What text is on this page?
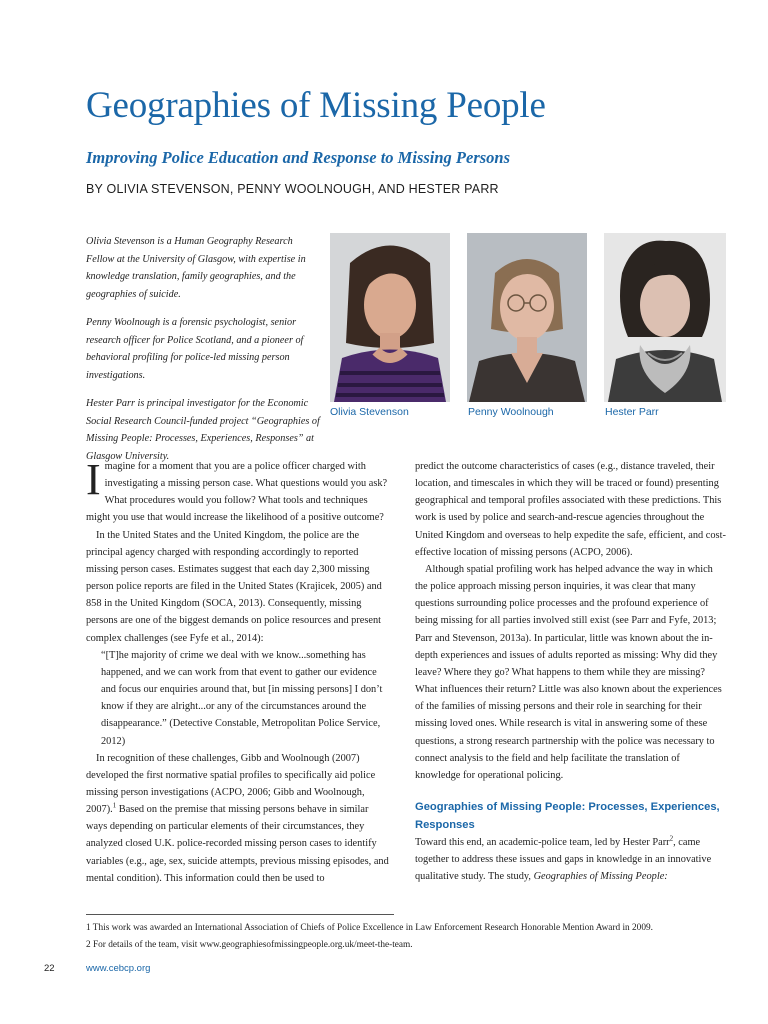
Geographies of Missing People
Improving Police Education and Response to Missing Persons
BY OLIVIA STEVENSON, PENNY WOOLNOUGH, AND HESTER PARR

Olivia Stevenson is a Human Geography Research Fellow at the University of Glasgow, with expertise in knowledge translation, family geographies, and the geographies of suicide.

Penny Woolnough is a forensic psychologist, senior research officer for Police Scotland, and a pioneer of behavioral profiling for police-led missing person investigations.

Hester Parr is principal investigator for the Economic Social Research Council-funded project “Geographies of Missing People: Processes, Experiences, Responses” at Glasgow University.

Olivia Stevenson	Penny Woolnough	Hester Parr

Imagine for a moment that you are a police officer charged with investigating a missing person case. What questions would you ask? What procedures would you follow? What tools and techniques might you use that would increase the likelihood of a positive outcome?

In the United States and the United Kingdom, the police are the principal agency charged with responding accordingly to reported missing person cases. Estimates suggest that each day 2,300 missing person police reports are filed in the United States (Krajicek, 2005) and 858 in the United Kingdom (SOCA, 2013). Consequently, missing persons are one of the biggest demands on police resources and present complex challenges (see Fyfe et al., 2014):

“[T]he majority of crime we deal with we know...something has happened, and we can work from that event to gather our evidence and focus our enquiries around that, but [in missing persons] I don’t know if they are alright...or any of the circumstances around the disappearance.” (Detective Constable, Metropolitan Police Service, 2012)

In recognition of these challenges, Gibb and Woolnough (2007) developed the first normative spatial profiles to specifically aid police missing person investigations (ACPO, 2006; Gibb and Woolnough, 2007).$^1$ Based on the premise that missing persons behave in similar ways depending on particular elements of their circumstances, they analyzed closed U.K. police-recorded missing person cases to identify variables (e.g., age, sex, suicide attempts, previous missing episodes, and mental condition). This information could then be used to

predict the outcome characteristics of cases (e.g., distance traveled, their location, and timescales in which they will be traced or found) presenting geographical and temporal profiles associated with these predictions. This work is used by police and search-and-rescue agencies throughout the United Kingdom and overseas to help expedite the safe, efficient, and cost-effective location of missing persons (ACPO, 2006).

Although spatial profiling work has helped advance the way in which the police approach missing person inquiries, it was clear that many questions surrounding police processes and the profound experience of being missing for all parties involved still exist (see Parr and Fyfe, 2013; Parr and Stevenson, 2013a). In particular, little was known about the in-depth experiences and issues of adults reported as missing: Why did they leave? Where they go? What happens to them while they are missing? What influences their return? Little was also known about the experiences of the families of missing persons and their role in searching for their missing loved ones. While research is vital in answering some of these questions, a strong research partnership with the police was necessary to connect analysis to the field and help facilitate the translation of knowledge for operational policing.

Geographies of Missing People: Processes, Experiences, Responses

Toward this end, an academic-police team, led by Hester Parr$^2$, came together to address these issues and gaps in knowledge in an innovative qualitative study. The study, Geographies of Missing People:

1 This work was awarded an International Association of Chiefs of Police Excellence in Law Enforcement Research Honorable Mention Award in 2009.
2 For details of the team, visit www.geographiesofmissingpeople.org.uk/meet-the-team.
22	www.cebcp.org
